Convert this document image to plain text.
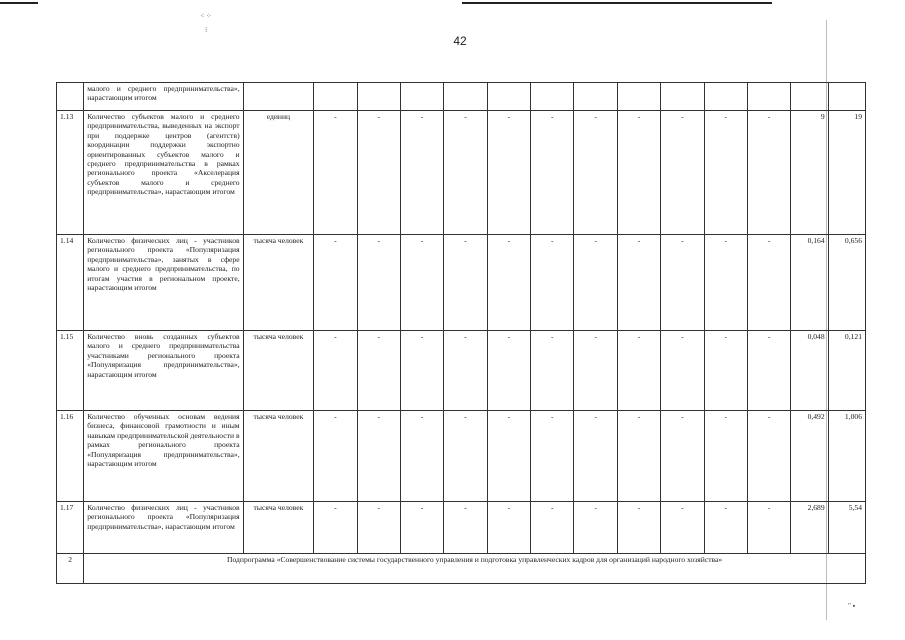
⁖ ⁘
⁝
" ▪
42
	малого и среднего предпринимательства», нарастающим итогом														
1.13	Количество субъектов малого и среднего предпринимательства, выведенных на экспорт при поддержке центров (агентств) координации поддержки экспортно ориентированных субъектов малого и среднего предпринимательства в рамках регионального проекта «Акселерация субъектов малого и среднего предпринимательства», нарастающим итогом	единиц	-	-	-	-	-	-	-	-	-	-	-	9	19
1.14	Количество физических лиц - участников регионального проекта «Популяризация предпринимательства», занятых в сфере малого и среднего предпринимательства, по итогам участия в региональном проекте, нарастающим итогом	тысяча человек	-	-	-	-	-	-	-	-	-	-	-	0,164	0,656
1.15	Количество вновь созданных субъектов малого и среднего предпринимательства участниками регионального проекта «Популяризация предпринимательства», нарастающим итогом	тысяча человек	-	-	-	-	-	-	-	-	-	-	-	0,048	0,121
1.16	Количество обученных основам ведения бизнеса, финансовой грамотности и иным навыкам предпринимательской деятельности в рамках регионального проекта «Популяризация предпринимательства», нарастающим итогом	тысяча человек	-	-	-	-	-	-	-	-	-	-	-	0,492	1,006
1.17	Количество физических лиц - участников регионального проекта «Популяризация предпринимательства», нарастающим итогом	тысяча человек	-	-	-	-	-	-	-	-	-	-	-	2,689	5,54
2	Подпрограмма «Совершенствование системы государственного управления и подготовка управленческих кадров для организаций народного хозяйства»														
